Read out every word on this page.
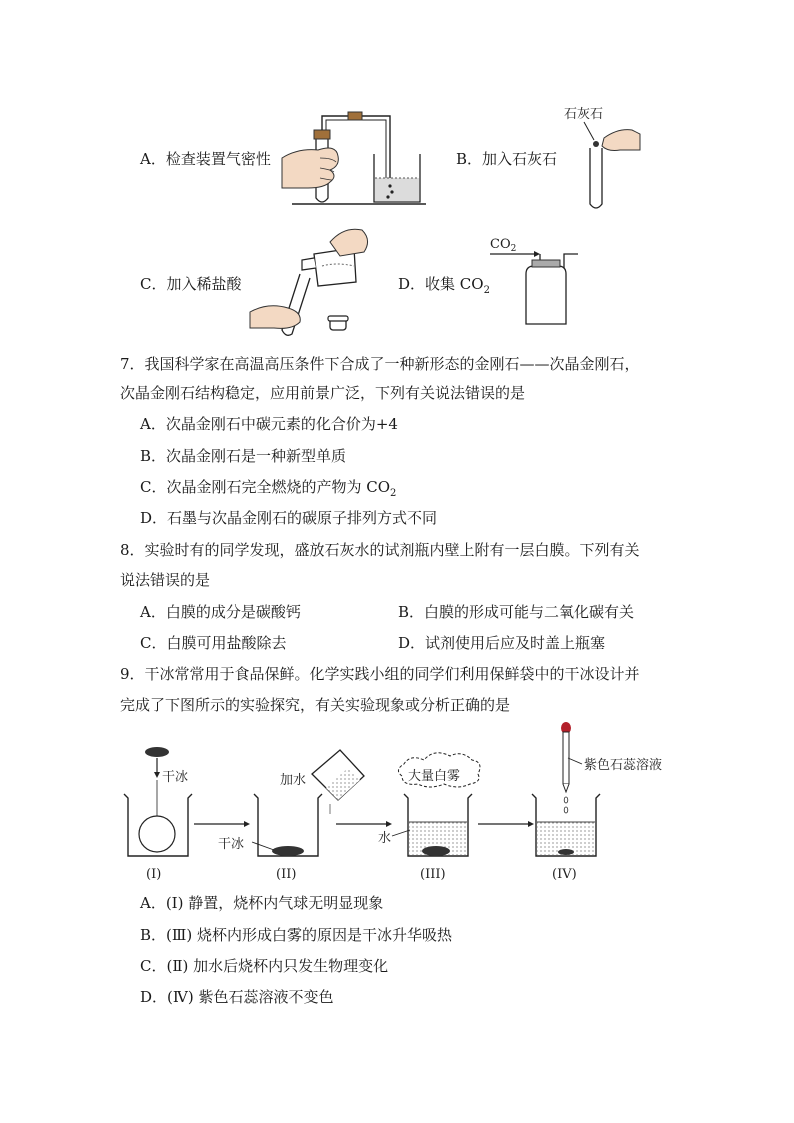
A．检查装置气密性	B．加入石灰石
石灰石
C．加入稀盐酸	D．收集 $CO_2$
$CO_2$
7．我国科学家在高温高压条件下合成了一种新形态的金刚石——次晶金刚石，
次晶金刚石结构稳定，应用前景广泛，下列有关说法错误的是
A．次晶金刚石中碳元素的化合价为+4
B．次晶金刚石是一种新型单质
C．次晶金刚石完全燃烧的产物为 $CO_2$
D．石墨与次晶金刚石的碳原子排列方式不同
8．实验时有的同学发现，盛放石灰水的试剂瓶内壁上附有一层白膜。下列有关
说法错误的是
A．白膜的成分是碳酸钙	B．白膜的形成可能与二氧化碳有关
C．白膜可用盐酸除去	D．试剂使用后应及时盖上瓶塞
9．干冰常常用于食品保鲜。化学实践小组的同学们利用保鲜袋中的干冰设计并
完成了下图所示的实验探究，有关实验现象或分析正确的是
干冰
(I)
加水
干冰
(II)
大量白雾
水
(III)
紫色石蕊溶液
(IV)
A．(I) 静置，烧杯内气球无明显现象
B．(Ⅲ) 烧杯内形成白雾的原因是干冰升华吸热
C．(Ⅱ) 加水后烧杯内只发生物理变化
D．(Ⅳ) 紫色石蕊溶液不变色
